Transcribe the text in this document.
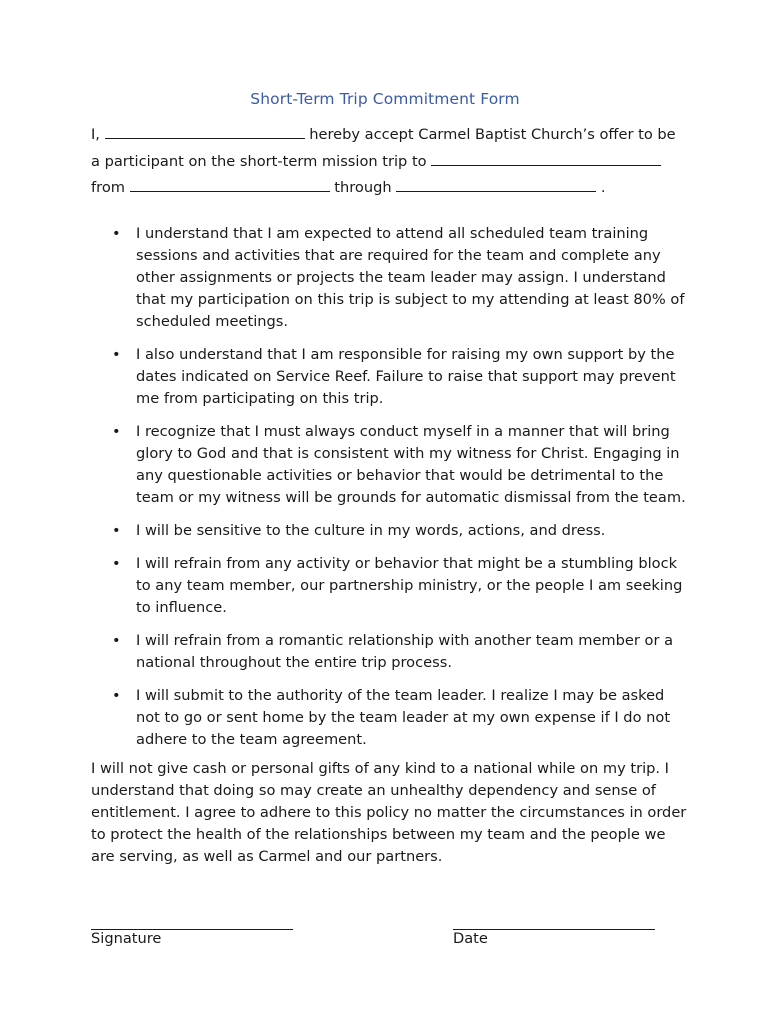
Short-Term Trip Commitment Form
I,	hereby accept Carmel Baptist Church’s offer to be
a participant on the short-term mission trip to
from	through	.
• I understand that I am expected to attend all scheduled team training sessions and activities that are required for the team and complete any other assignments or projects the team leader may assign. I understand that my participation on this trip is subject to my attending at least 80% of scheduled meetings.
• I also understand that I am responsible for raising my own support by the dates indicated on Service Reef. Failure to raise that support may prevent me from participating on this trip.
• I recognize that I must always conduct myself in a manner that will bring glory to God and that is consistent with my witness for Christ. Engaging in any questionable activities or behavior that would be detrimental to the team or my witness will be grounds for automatic dismissal from the team.
• I will be sensitive to the culture in my words, actions, and dress.
• I will refrain from any activity or behavior that might be a stumbling block to any team member, our partnership ministry, or the people I am seeking to influence.
• I will refrain from a romantic relationship with another team member or a national throughout the entire trip process.
• I will submit to the authority of the team leader. I realize I may be asked not to go or sent home by the team leader at my own expense if I do not adhere to the team agreement.
I will not give cash or personal gifts of any kind to a national while on my trip. I understand that doing so may create an unhealthy dependency and sense of entitlement. I agree to adhere to this policy no matter the circumstances in order to protect the health of the relationships between my team and the people we are serving, as well as Carmel and our partners.
Signature	Date
